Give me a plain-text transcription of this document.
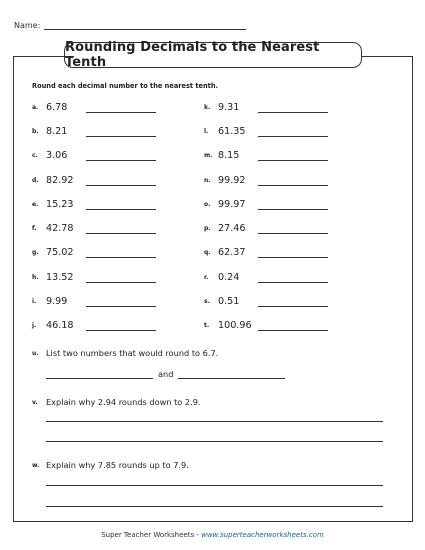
Name:
Rounding Decimals to the Nearest Tenth
Round each decimal number to the nearest tenth.
a. 6.78
b. 8.21
c. 3.06
d. 82.92
e. 15.23
f. 42.78
g. 75.02
h. 13.52
i.	9.99
j.	46.18
k. 9.31
l.	61.35
m. 8.15
n. 99.92
o. 99.97
p. 27.46
q. 62.37
r.	0.24
s. 0.51
t. 100.96
u. List two numbers that would round to 6.7.
and
v.	Explain why 2.94 rounds down to 2.9.
w. Explain why 7.85 rounds up to 7.9.
Super Teacher Worksheets - www.superteacherworksheets.com
